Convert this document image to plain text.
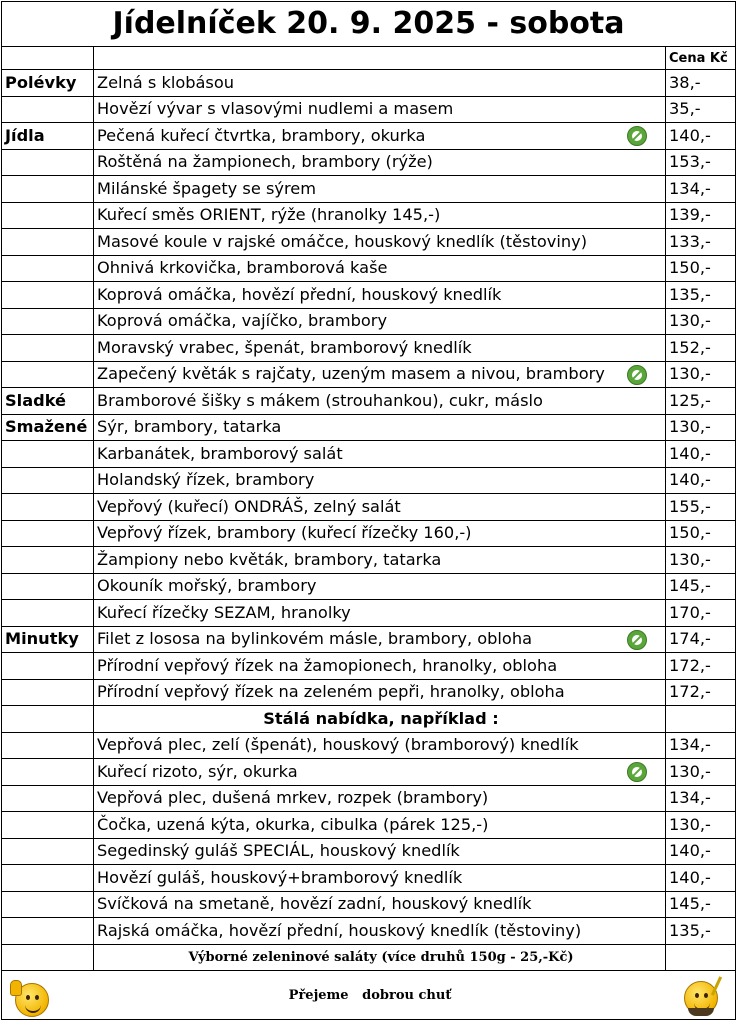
Jídelníček 20. 9. 2025 - sobota		
		Cena Kč
Polévky	Zelná s klobásou	38,-
	Hovězí vývar s vlasovými nudlemi a masem	35,-
Jídla	Pečená kuřecí čtvrtka, brambory, okurka	140,-
	Roštěná na žampionech, brambory (rýže)	153,-
	Milánské špagety se sýrem	134,-
	Kuřecí směs ORIENT, rýže (hranolky 145,-)	139,-
	Masové koule v rajské omáčce, houskový knedlík (těstoviny)	133,-
	Ohnivá krkovička, bramborová kaše	150,-
	Koprová omáčka, hovězí přední, houskový knedlík	135,-
	Koprová omáčka, vajíčko, brambory	130,-
	Moravský vrabec, špenát, bramborový knedlík	152,-
	Zapečený květák s rajčaty, uzeným masem a nivou, brambory	130,-
Sladké	Bramborové šišky s mákem (strouhankou), cukr, máslo	125,-
Smažené	Sýr, brambory, tatarka	130,-
	Karbanátek, bramborový salát	140,-
	Holandský řízek, brambory	140,-
	Vepřový (kuřecí) ONDRÁŠ, zelný salát	155,-
	Vepřový řízek, brambory (kuřecí řízečky 160,-)	150,-
	Žampiony nebo květák, brambory, tatarka	130,-
	Okouník mořský, brambory	145,-
	Kuřecí řízečky SEZAM, hranolky	170,-
Minutky	Filet z lososa na bylinkovém másle, brambory, obloha	174,-
	Přírodní vepřový řízek na žamopionech, hranolky, obloha	172,-
	Přírodní vepřový řízek na zeleném pepři, hranolky, obloha	172,-
	Stálá nabídka, například :	
	Vepřová plec, zelí (špenát), houskový (bramborový) knedlík	134,-
	Kuřecí rizoto, sýr, okurka	130,-
	Vepřová plec, dušená mrkev, rozpek (brambory)	134,-
	Čočka, uzená kýta, okurka, cibulka (párek 125,-)	130,-
	Segedinský guláš SPECIÁL, houskový knedlík	140,-
	Hovězí guláš, houskový+bramborový knedlík	140,-
	Svíčková na smetaně, hovězí zadní, houskový knedlík	145,-
	Rajská omáčka, hovězí přední, houskový knedlík (těstoviny)	135,-
	Výborné zeleninové saláty (více druhů 150g - 25,-Kč)	
Přejeme   dobrou chuť		
